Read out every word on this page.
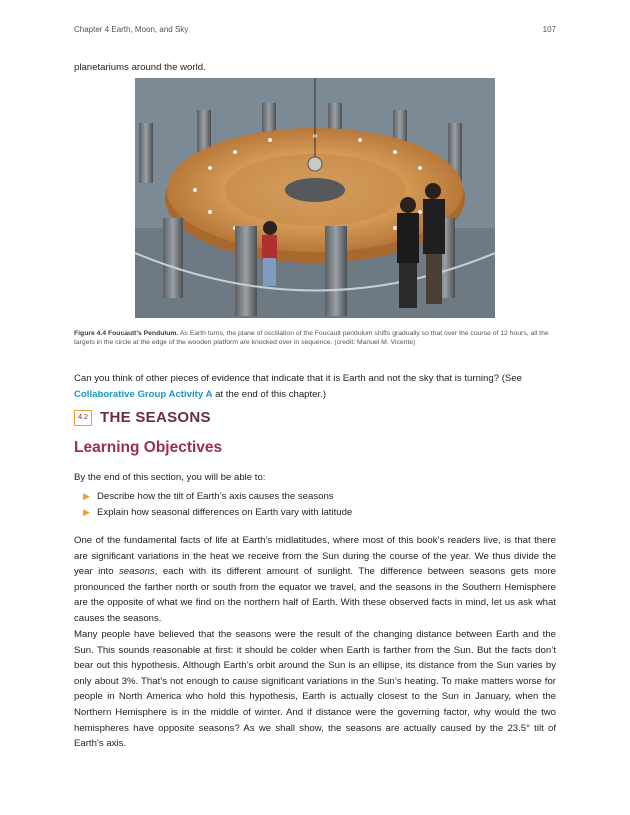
Chapter 4 Earth, Moon, and Sky	107

planetariums around the world.

Figure 4.4 Foucault’s Pendulum. As Earth turns, the plane of oscillation of the Foucault pendulum shifts gradually so that over the course of 12 hours, all the targets in the circle at the edge of the wooden platform are knocked over in sequence. (credit: Manuel M. Vicente)

Can you think of other pieces of evidence that indicate that it is Earth and not the sky that is turning? (See Collaborative Group Activity A at the end of this chapter.)

4.2 THE SEASONS
Learning Objectives

By the end of this section, you will be able to:

▶ Describe how the tilt of Earth’s axis causes the seasons
▶ Explain how seasonal differences on Earth vary with latitude

One of the fundamental facts of life at Earth’s midlatitudes, where most of this book’s readers live, is that there are significant variations in the heat we receive from the Sun during the course of the year. We thus divide the year into seasons, each with its different amount of sunlight. The difference between seasons gets more pronounced the farther north or south from the equator we travel, and the seasons in the Southern Hemisphere are the opposite of what we find on the northern half of Earth. With these observed facts in mind, let us ask what causes the seasons.

Many people have believed that the seasons were the result of the changing distance between Earth and the Sun. This sounds reasonable at first: it should be colder when Earth is farther from the Sun. But the facts don’t bear out this hypothesis. Although Earth’s orbit around the Sun is an ellipse, its distance from the Sun varies by only about 3%. That’s not enough to cause significant variations in the Sun’s heating. To make matters worse for people in North America who hold this hypothesis, Earth is actually closest to the Sun in January, when the Northern Hemisphere is in the middle of winter. And if distance were the governing factor, why would the two hemispheres have opposite seasons? As we shall show, the seasons are actually caused by the 23.5° tilt of Earth’s axis.
